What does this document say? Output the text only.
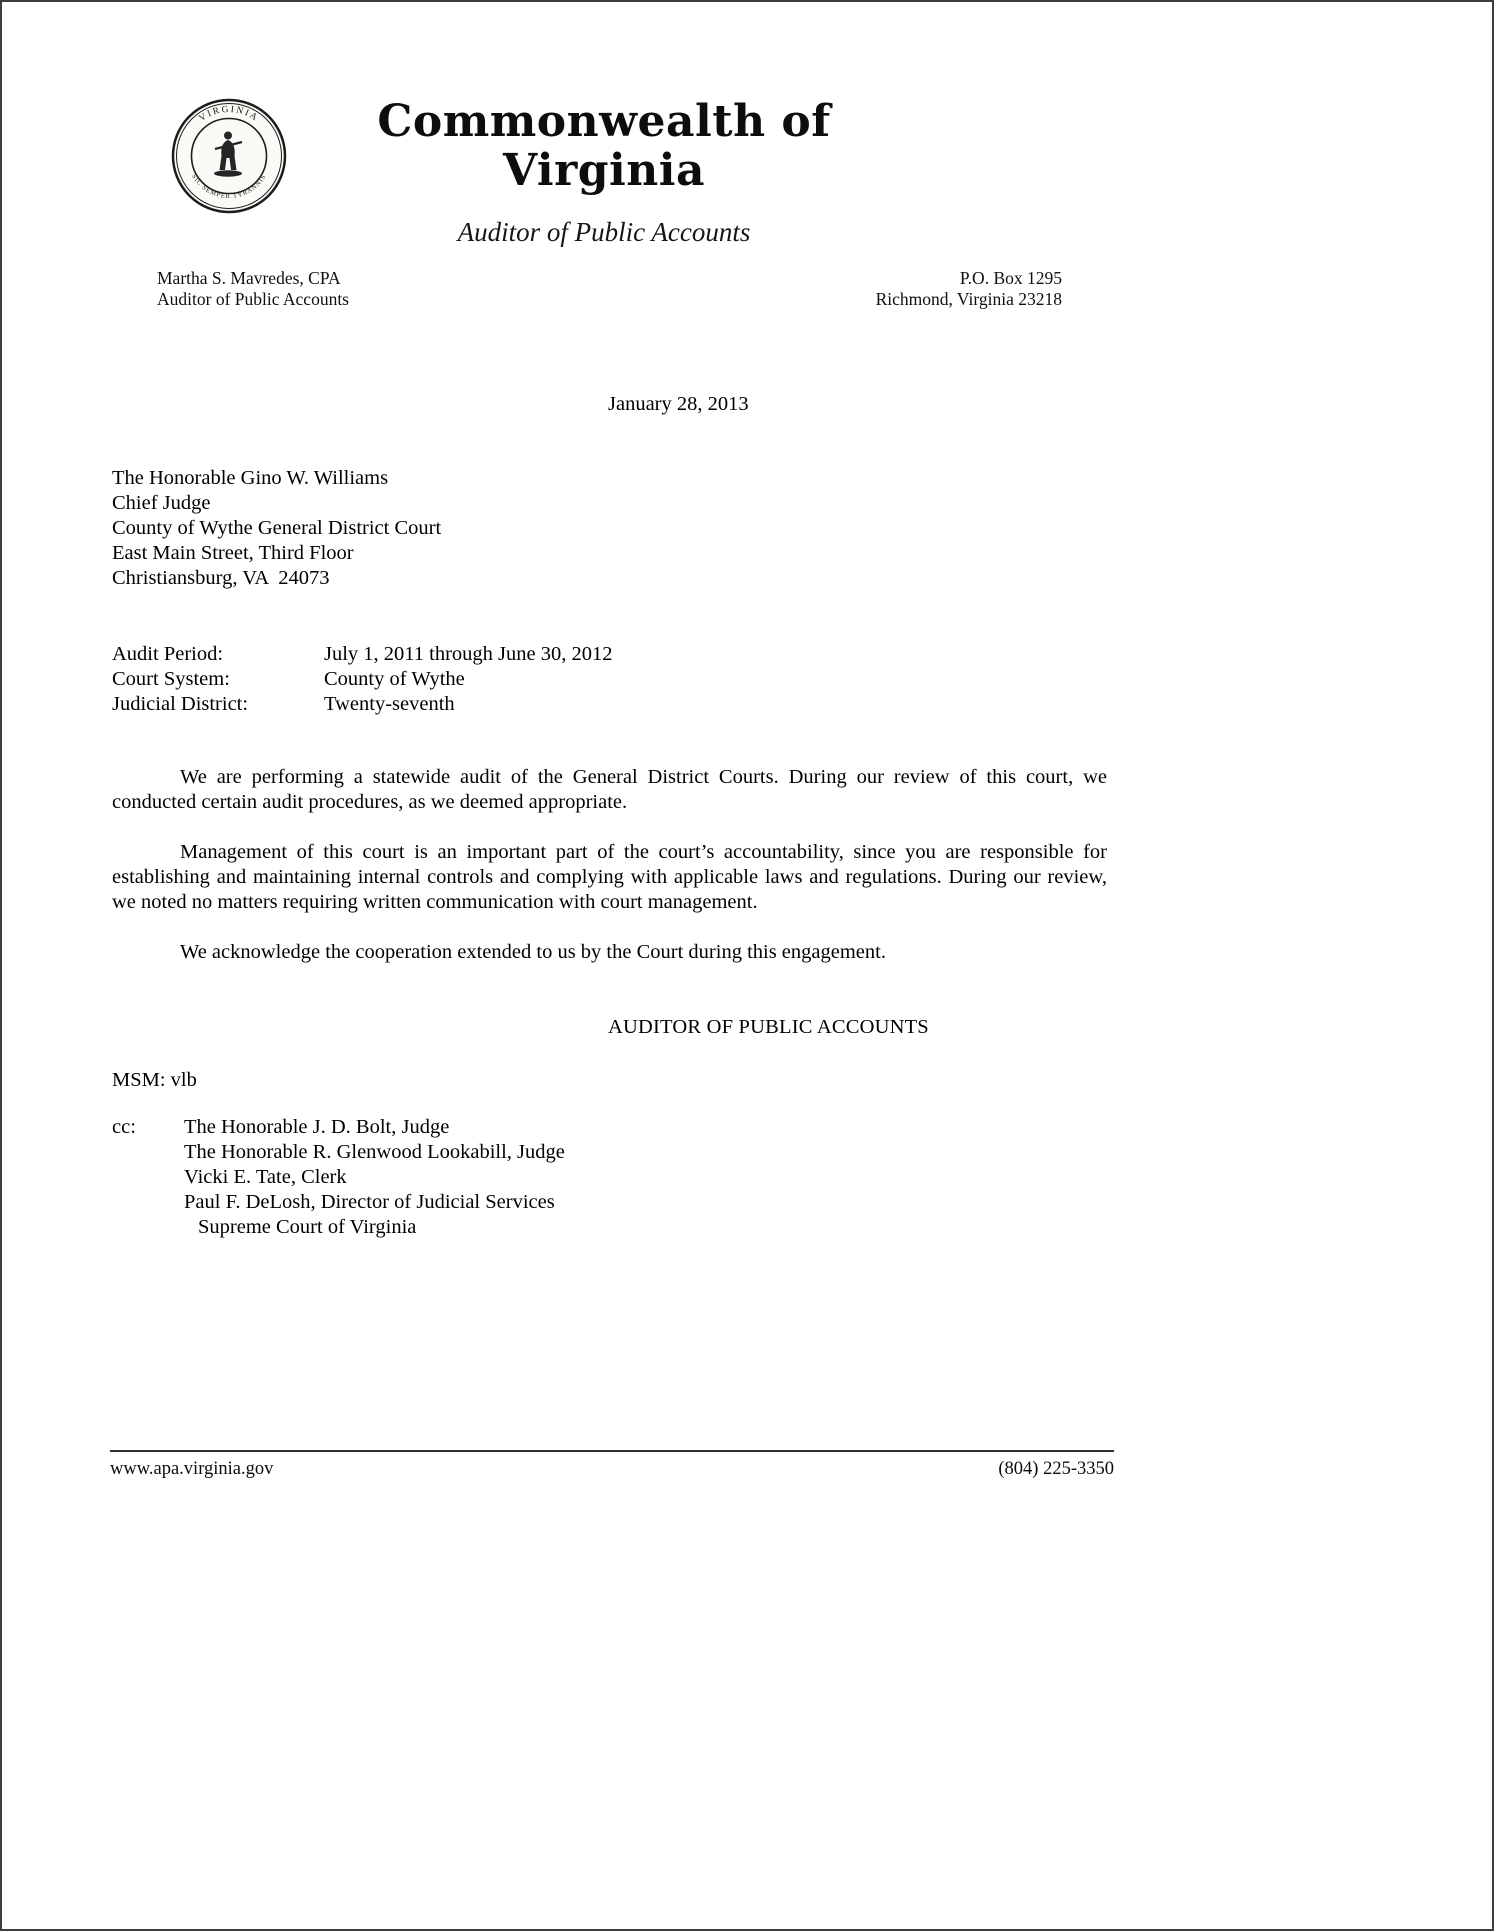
VIRGINIA
SIC SEMPER TYRANNIS
Commonwealth of Virginia
Auditor of Public Accounts
Martha S. Mavredes, CPA
Auditor of Public Accounts
P.O. Box 1295
Richmond, Virginia 23218
January 28, 2013
The Honorable Gino W. Williams
Chief Judge
County of Wythe General District Court
East Main Street, Third Floor
Christiansburg, VA  24073
Audit Period:	July 1, 2011 through June 30, 2012
Court System:	County of Wythe
Judicial District:	Twenty-seventh

We are performing a statewide audit of the General District Courts. During our review of this court, we conducted certain audit procedures, as we deemed appropriate.

Management of this court is an important part of the court’s accountability, since you are responsible for establishing and maintaining internal controls and complying with applicable laws and regulations. During our review, we noted no matters requiring written communication with court management.

We acknowledge the cooperation extended to us by the Court during this engagement.

AUDITOR OF PUBLIC ACCOUNTS
MSM: vlb
cc:	The Honorable J. D. Bolt, Judge
The Honorable R. Glenwood Lookabill, Judge
Vicki E. Tate, Clerk
Paul F. DeLosh, Director of Judicial Services
Supreme Court of Virginia
www.apa.virginia.gov	(804) 225-3350
